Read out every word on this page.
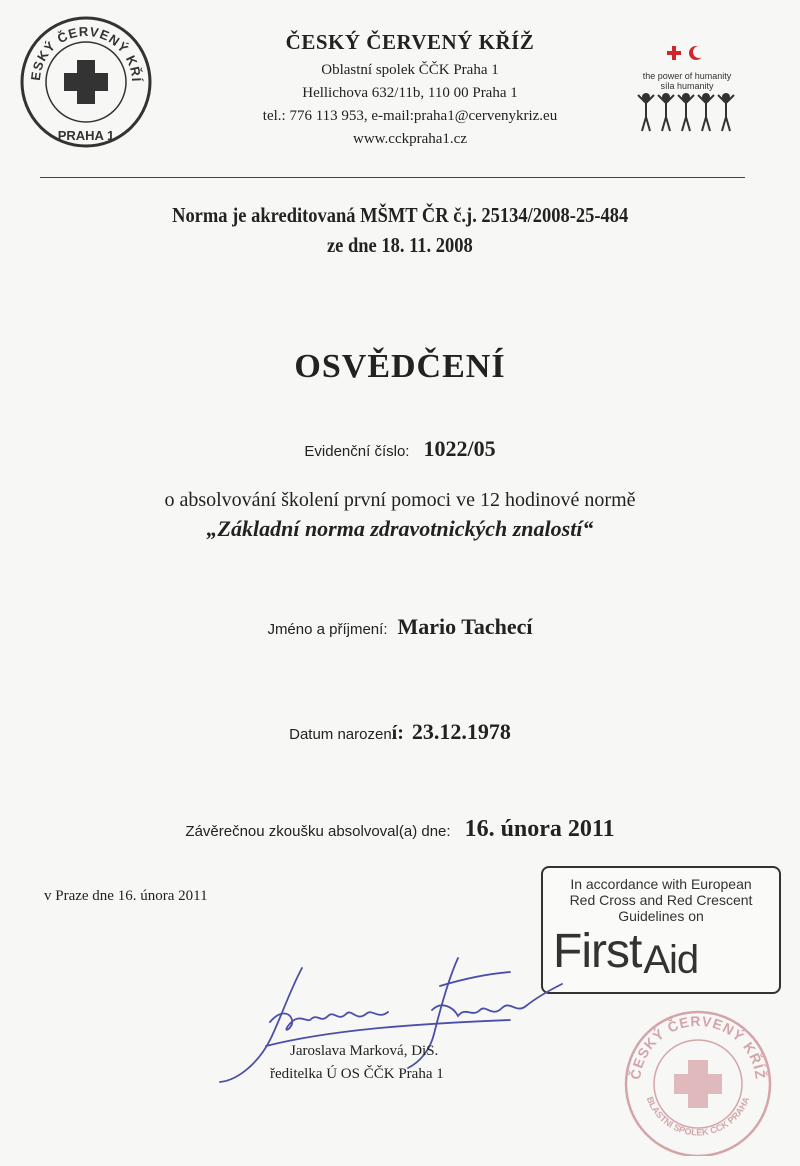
ESKÝ ČERVENÝ KŘÍ
PRAHA 1
ČESKÝ ČERVENÝ KŘÍŽ
Oblastní spolek ČČK Praha 1
Hellichova 632/11b, 110 00 Praha 1
tel.: 776 113 953, e-mail:praha1@cervenykriz.eu
www.cckpraha1.cz
the power of humanity
síla humanity
Norma je akreditovaná MŠMT ČR č.j. 25134/2008-25-484
ze dne 18. 11. 2008
OSVĚDČENÍ
Evidenční číslo: 1022/05
o absolvování školení první pomoci ve 12 hodinové normě
„Základní norma zdravotnických znalostí“
Jméno a příjmení: Mario Tachecí
Datum narození: 23.12.1978
Závěrečnou zkoušku absolvoval(a) dne: 16. února 2011
v Praze dne 16. února 2011
In accordance with European
Red Cross and Red Crescent
Guidelines on
FirstAid
ČESKÝ ČERVENÝ KŘÍŽ
BLASTNÍ SPOLEK ČČK PRAHA
Jaroslava Marková, DiS.
ředitelka Ú OS ČČK Praha 1
